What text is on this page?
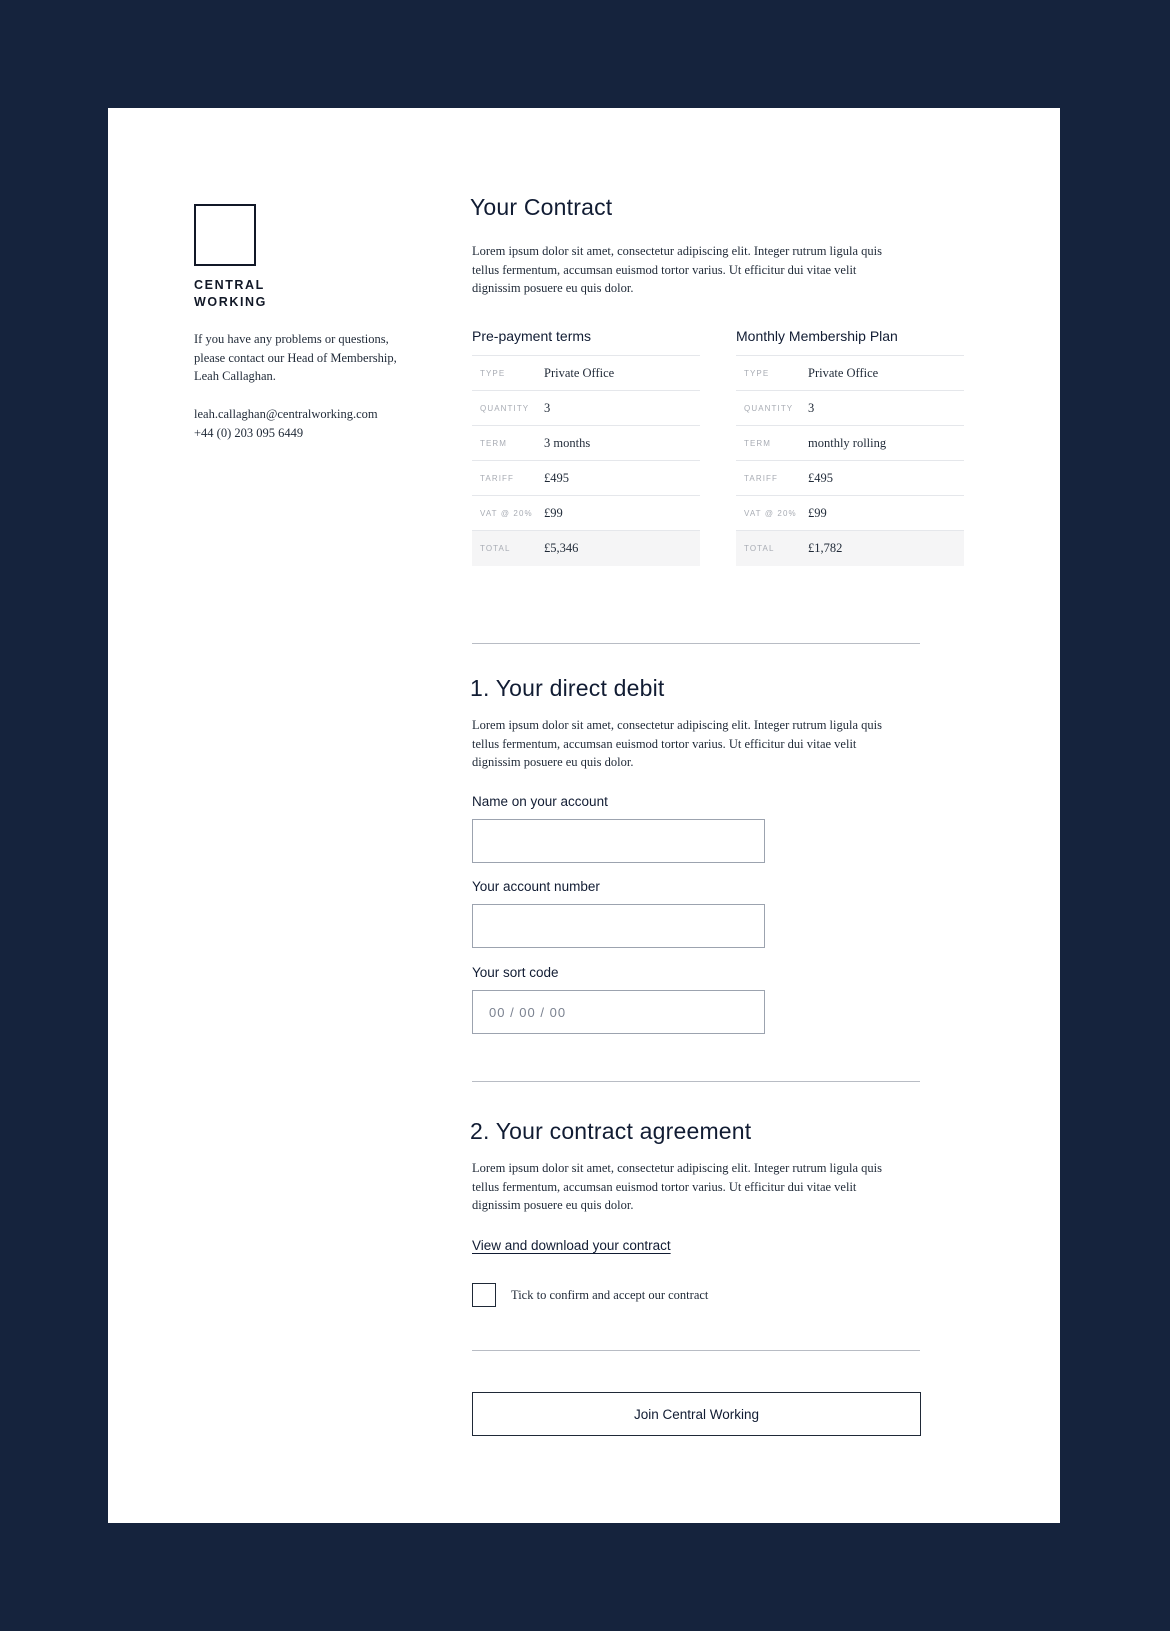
CENTRAL
WORKING

If you have any problems or questions, please contact our Head of Membership, Leah Callaghan.

leah.callaghan@centralworking.com
+44 (0) 203 095 6449
Your Contract

Lorem ipsum dolor sit amet, consectetur adipiscing elit. Integer rutrum ligula quis tellus fermentum, accumsan euismod tortor varius. Ut efficitur dui vitae velit dignissim posuere eu quis dolor.

Pre-payment terms
TYPE	Private Office
QUANTITY	3
TERM	3 months
TARIFF	£495
VAT @ 20% £99
TOTAL	£5,346
Monthly Membership Plan
TYPE	Private Office
QUANTITY	3
TERM	monthly rolling
TARIFF	£495
VAT @ 20% £99
TOTAL	£1,782
1. Your direct debit

Lorem ipsum dolor sit amet, consectetur adipiscing elit. Integer rutrum ligula quis tellus fermentum, accumsan euismod tortor varius. Ut efficitur dui vitae velit dignissim posuere eu quis dolor.

Name on your account
Your account number
Your sort code
00 / 00 / 00
2. Your contract agreement

Lorem ipsum dolor sit amet, consectetur adipiscing elit. Integer rutrum ligula quis tellus fermentum, accumsan euismod tortor varius. Ut efficitur dui vitae velit dignissim posuere eu quis dolor.

View and download your contract
Tick to confirm and accept our contract
Join Central Working
